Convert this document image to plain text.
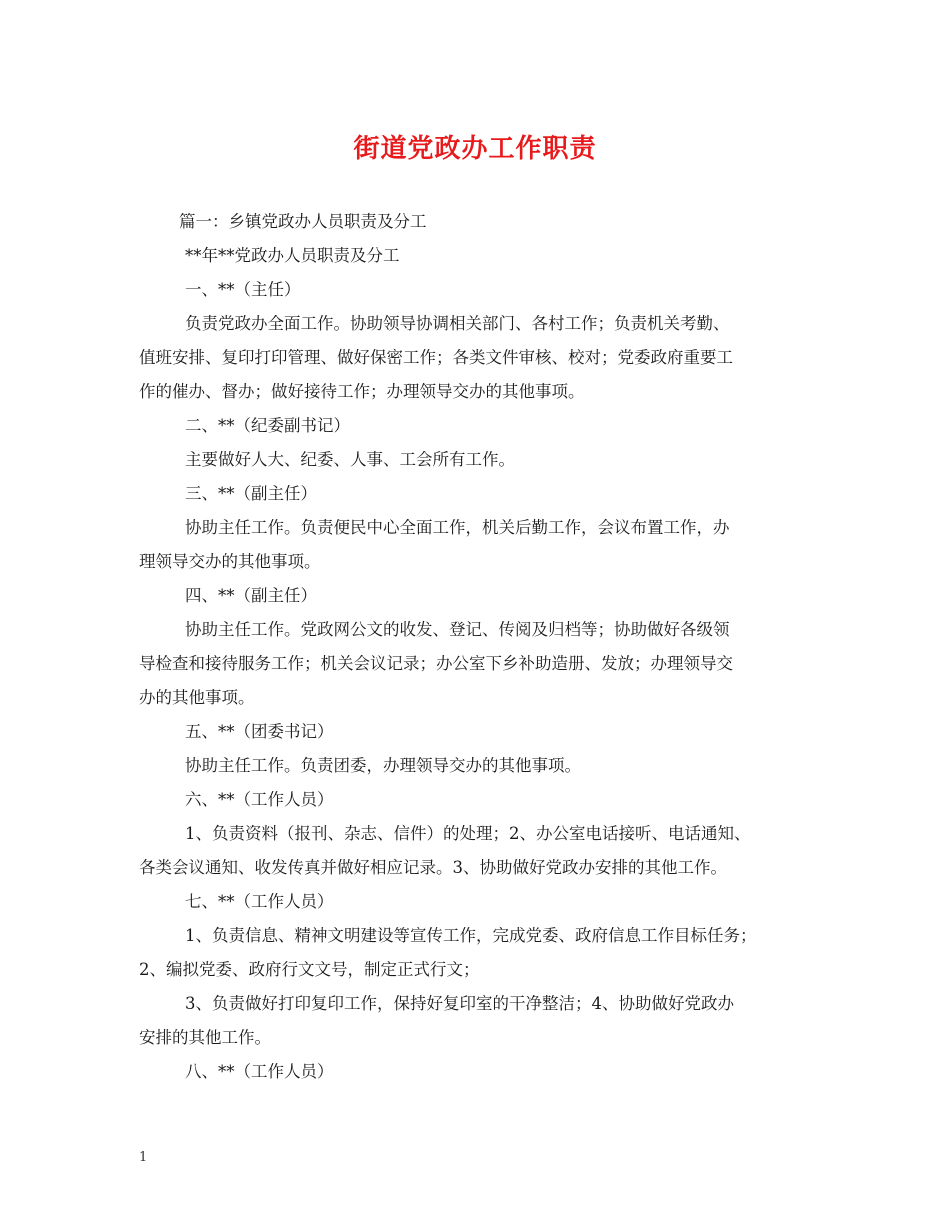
街道党政办工作职责
篇一：乡镇党政办人员职责及分工
**年**党政办人员职责及分工
一、**（主任）
负责党政办全面工作。协助领导协调相关部门、各村工作；负责机关考勤、
值班安排、复印打印管理、做好保密工作；各类文件审核、校对；党委政府重要工
作的催办、督办；做好接待工作；办理领导交办的其他事项。
二、**（纪委副书记）
主要做好人大、纪委、人事、工会所有工作。
三、**（副主任）
协助主任工作。负责便民中心全面工作，机关后勤工作，会议布置工作，办
理领导交办的其他事项。
四、**（副主任）
协助主任工作。党政网公文的收发、登记、传阅及归档等；协助做好各级领
导检查和接待服务工作；机关会议记录；办公室下乡补助造册、发放；办理领导交
办的其他事项。
五、**（团委书记）
协助主任工作。负责团委，办理领导交办的其他事项。
六、**（工作人员）
1、负责资料（报刊、杂志、信件）的处理；2、办公室电话接听、电话通知、
各类会议通知、收发传真并做好相应记录。3、协助做好党政办安排的其他工作。
七、**（工作人员）
1、负责信息、精神文明建设等宣传工作，完成党委、政府信息工作目标任务；
2、编拟党委、政府行文文号，制定正式行文；
3、负责做好打印复印工作，保持好复印室的干净整洁；4、协助做好党政办
安排的其他工作。
八、**（工作人员）
1
